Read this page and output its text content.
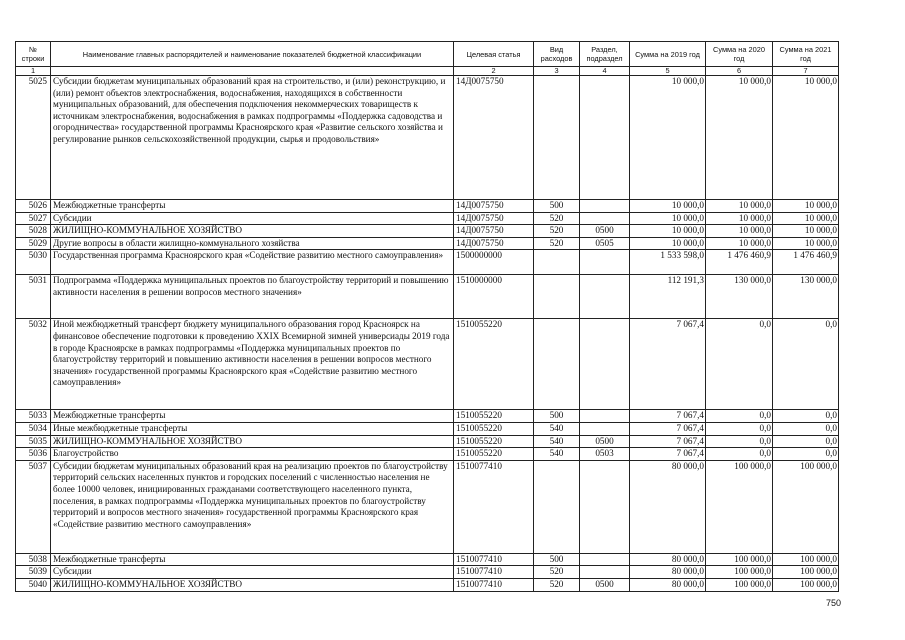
№ строки	Наименование главных распорядителей и наименование показателей бюджетной классификации	Целевая статья	Вид расходов	Раздел, подраздел	Сумма на 2019 год	Сумма на 2020 год	Сумма на 2021 год
1		2	3	4	5	6	7
5025	Субсидии бюджетам муниципальных образований края на строительство, и (или) реконструкцию, и (или) ремонт объектов электроснабжения, водоснабжения, находящихся в собственности муниципальных образований, для обеспечения подключения некоммерческих товариществ к источникам электроснабжения, водоснабжения в рамках подпрограммы «Поддержка садоводства и огородничества» государственной программы Красноярского края «Развитие сельского хозяйства и регулирование рынков сельскохозяйственной продукции, сырья и продовольствия»	14Д0075750			10 000,0	10 000,0	10 000,0
5026	Межбюджетные трансферты	14Д0075750	500		10 000,0	10 000,0	10 000,0
5027	Субсидии	14Д0075750	520		10 000,0	10 000,0	10 000,0
5028	ЖИЛИЩНО-КОММУНАЛЬНОЕ ХОЗЯЙСТВО	14Д0075750	520	0500	10 000,0	10 000,0	10 000,0
5029	Другие вопросы в области жилищно-коммунального хозяйства	14Д0075750	520	0505	10 000,0	10 000,0	10 000,0
5030	Государственная программа Красноярского края «Содействие развитию местного самоуправления»	1500000000			1 533 598,0	1 476 460,9	1 476 460,9
5031	Подпрограмма «Поддержка муниципальных проектов по благоустройству территорий и повышению активности населения в решении вопросов местного значения»	1510000000			112 191,3	130 000,0	130 000,0
5032	Иной межбюджетный трансферт бюджету муниципального образования город Красноярск на финансовое обеспечение подготовки к проведению XXIX Всемирной зимней универсиады 2019 года в городе Красноярске в рамках подпрограммы «Поддержка муниципальных проектов по благоустройству территорий и повышению активности населения в решении вопросов местного значения» государственной программы Красноярского края «Содействие развитию местного самоуправления»	1510055220			7 067,4	0,0	0,0
5033	Межбюджетные трансферты	1510055220	500		7 067,4	0,0	0,0
5034	Иные межбюджетные трансферты	1510055220	540		7 067,4	0,0	0,0
5035	ЖИЛИЩНО-КОММУНАЛЬНОЕ ХОЗЯЙСТВО	1510055220	540	0500	7 067,4	0,0	0,0
5036	Благоустройство	1510055220	540	0503	7 067,4	0,0	0,0
5037	Субсидии бюджетам муниципальных образований края на реализацию проектов по благоустройству территорий сельских населенных пунктов и городских поселений с численностью населения не более 10000 человек, инициированных гражданами соответствующего населенного пункта, поселения, в рамках подпрограммы «Поддержка муниципальных проектов по благоустройству территорий и вопросов местного значения» государственной программы Красноярского края «Содействие развитию местного самоуправления»	1510077410			80 000,0	100 000,0	100 000,0
5038	Межбюджетные трансферты	1510077410	500		80 000,0	100 000,0	100 000,0
5039	Субсидии	1510077410	520		80 000,0	100 000,0	100 000,0
5040	ЖИЛИЩНО-КОММУНАЛЬНОЕ ХОЗЯЙСТВО	1510077410	520	0500	80 000,0	100 000,0	100 000,0
750
